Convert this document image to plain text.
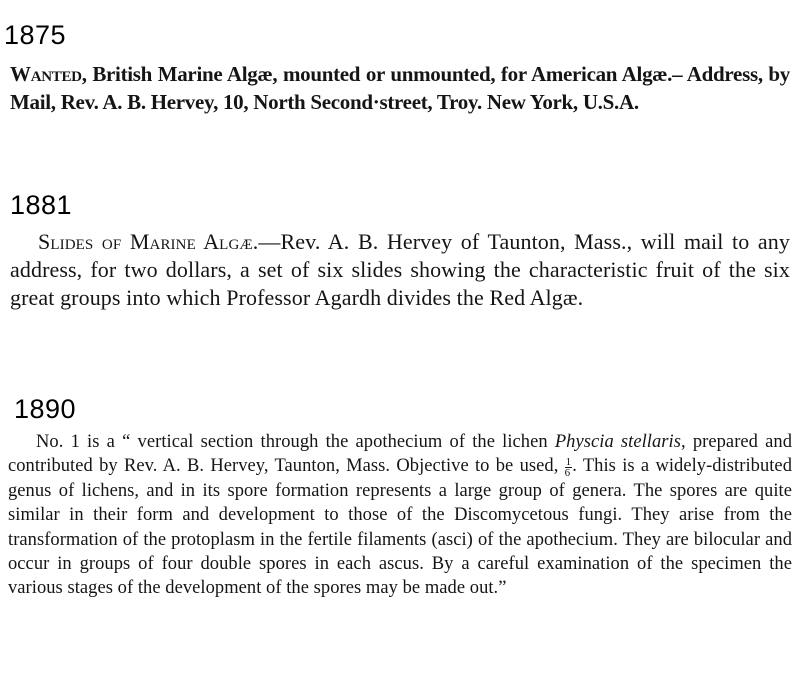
1875

Wanted, British Marine Algæ, mounted or unmounted, for American Algæ.– Address, by Mail, Rev. A. B. Hervey, 10, North Second·street, Troy. New York, U.S.A.

1881

Slides of Marine Algæ.—Rev. A. B. Hervey of Taunton, Mass., will mail to any address, for two dollars, a set of six slides showing the characteristic fruit of the six great groups into which Professor Agardh divides the Red Algæ.

1890

No. 1 is a “ vertical section through the apothecium of the lichen Physcia stellaris, prepared and contributed by Rev. A. B. Hervey, Taunton, Mass. Objective to be used, $\frac{1}{6}$ . This is a widely-distributed genus of lichens, and in its spore formation represents a large group of genera. The spores are quite similar in their form and development to those of the Discomycetous fungi. They arise from the transformation of the protoplasm in the fertile filaments (asci) of the apothecium. They are bilocular and occur in groups of four double spores in each ascus. By a careful examination of the specimen the various stages of the development of the spores may be made out.”
